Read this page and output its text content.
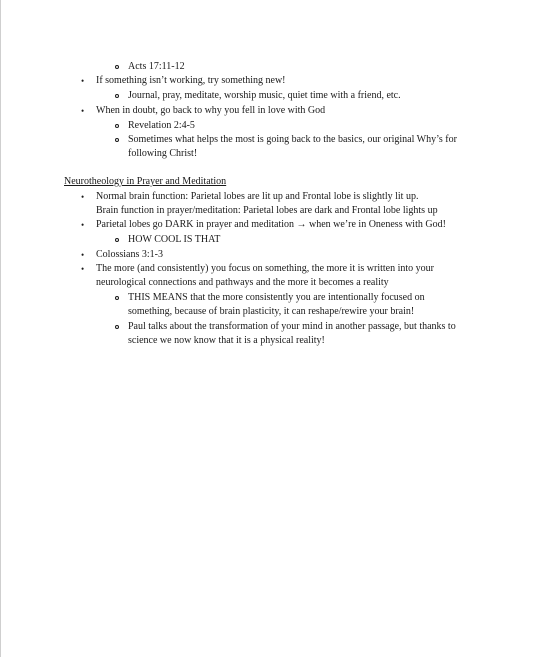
Acts 17:11-12
• If something isn’t working, try something new!
Journal, pray, meditate, worship music, quiet time with a friend, etc.
• When in doubt, go back to why you fell in love with God
Revelation 2:4-5
Sometimes what helps the most is going back to the basics, our original Why’s for
following Christ!
Neurotheology in Prayer and Meditation
• Normal brain function: Parietal lobes are lit up and Frontal lobe is slightly lit up.
Brain function in prayer/meditation: Parietal lobes are dark and Frontal lobe lights up
• Parietal lobes go DARK in prayer and meditation → when we’re in Oneness with God!
HOW COOL IS THAT
• Colossians 3:1-3
• The more (and consistently) you focus on something, the more it is written into your
neurological connections and pathways and the more it becomes a reality
THIS MEANS that the more consistently you are intentionally focused on
something, because of brain plasticity, it can reshape/rewire your brain!
Paul talks about the transformation of your mind in another passage, but thanks to
science we now know that it is a physical reality!
